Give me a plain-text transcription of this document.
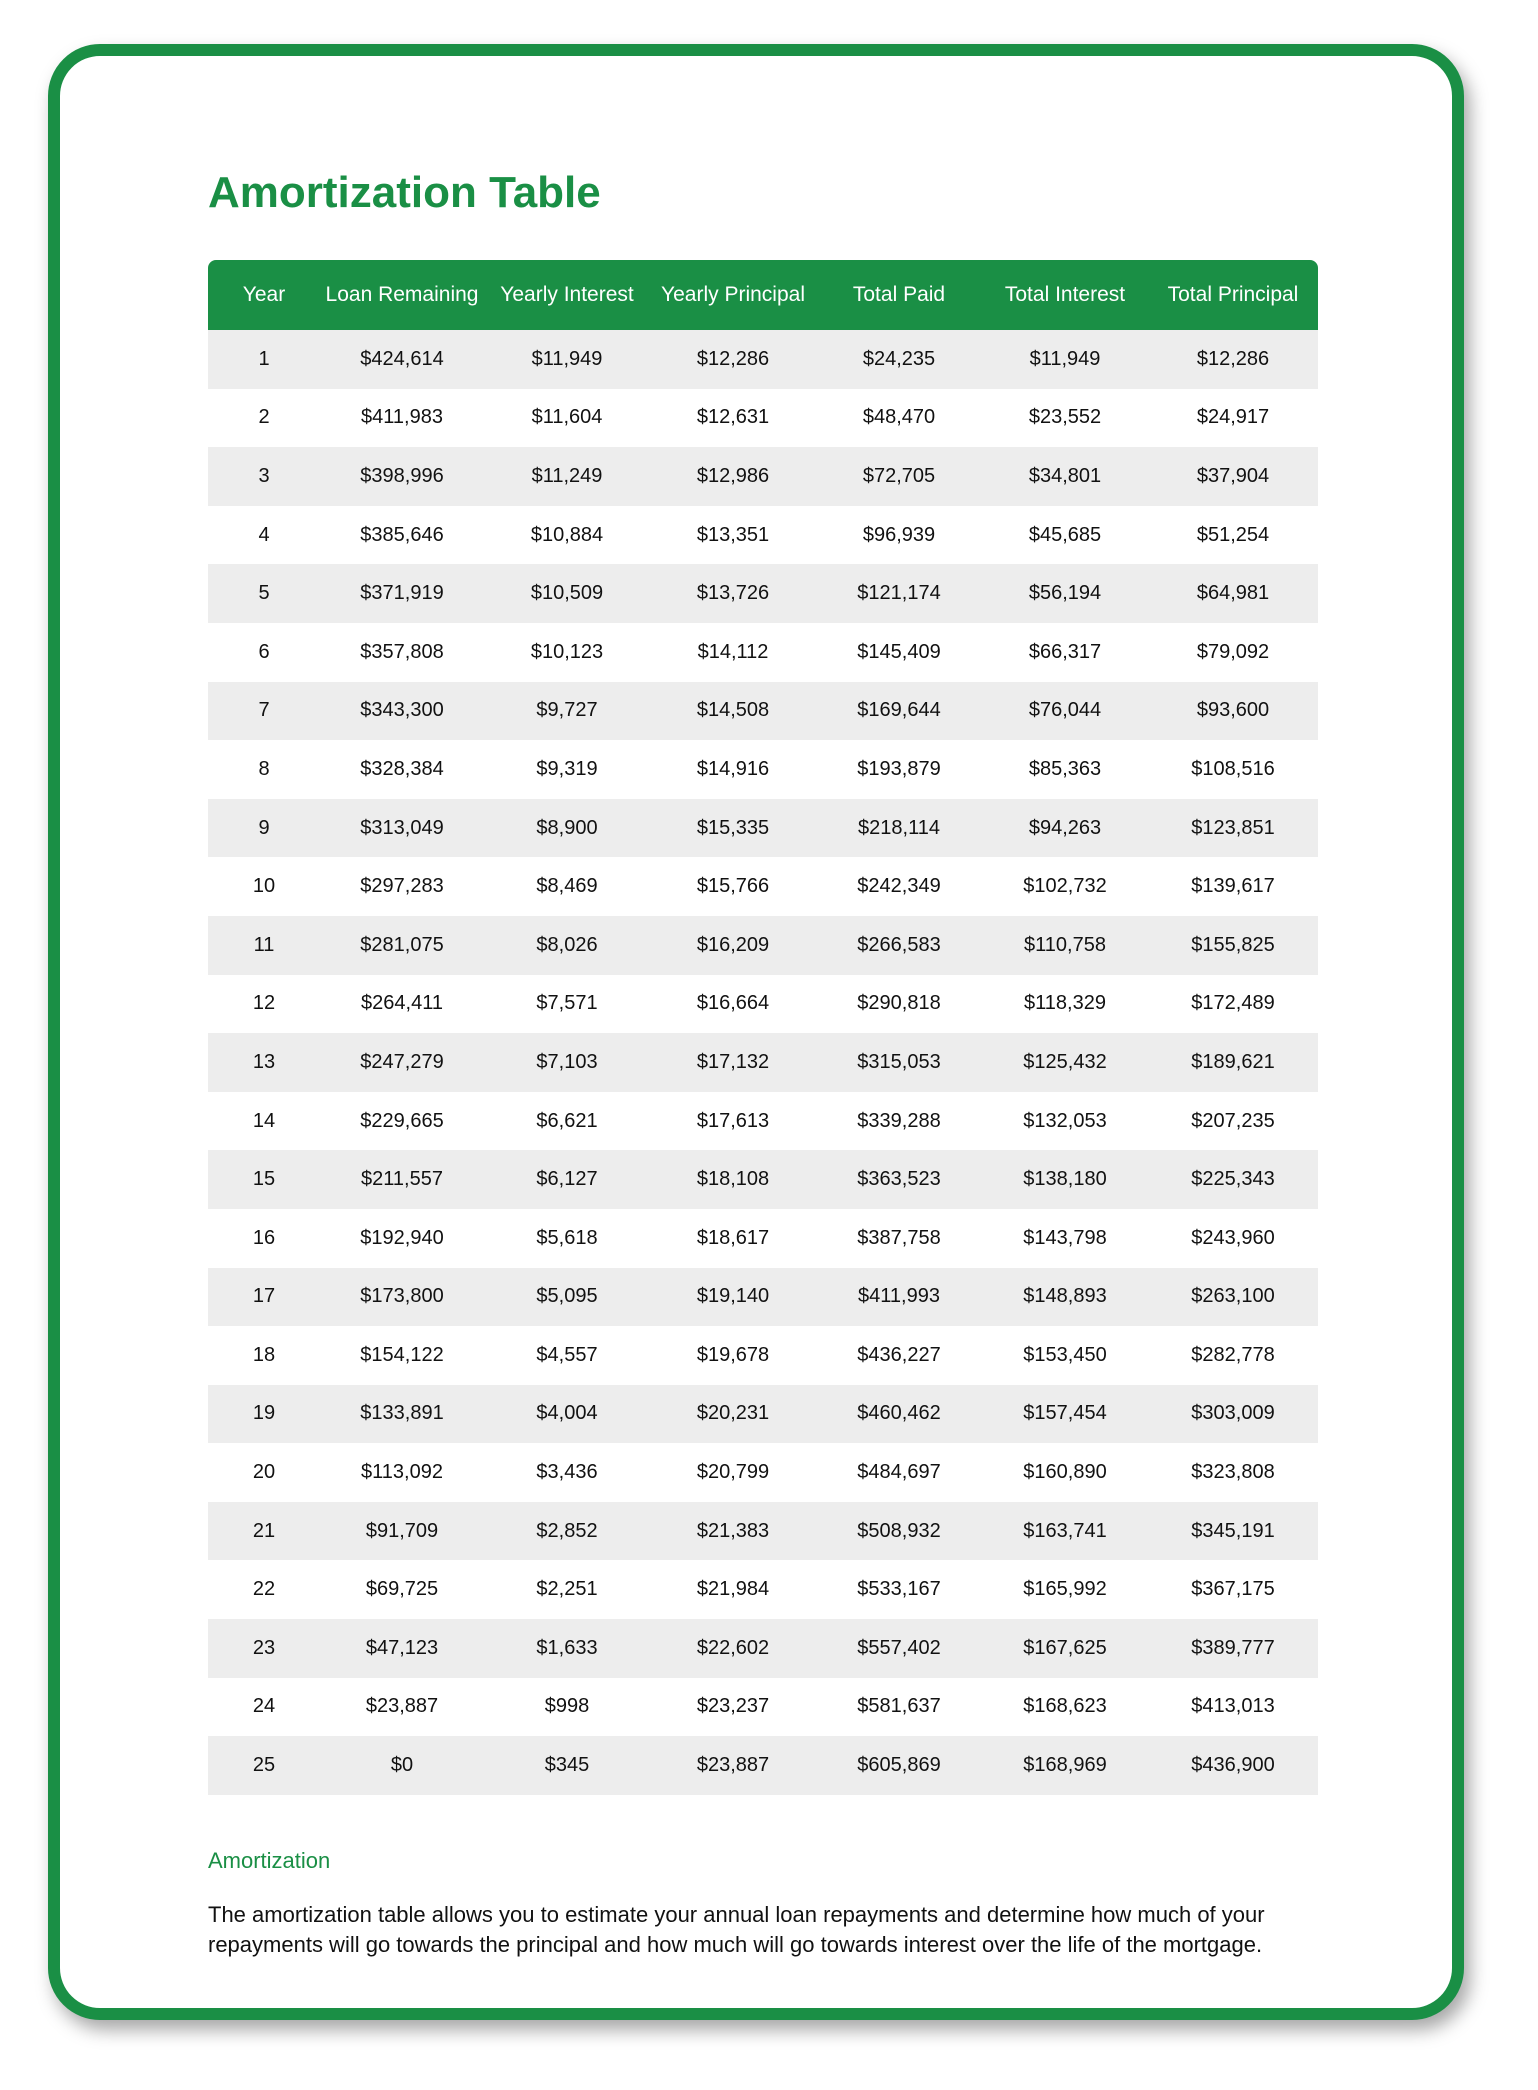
Amortization Table
Year	Loan Remaining	Yearly Interest	Yearly Principal	Total Paid	Total Interest	Total Principal
1	$424,614	$11,949	$12,286	$24,235	$11,949	$12,286
2	$411,983	$11,604	$12,631	$48,470	$23,552	$24,917
3	$398,996	$11,249	$12,986	$72,705	$34,801	$37,904
4	$385,646	$10,884	$13,351	$96,939	$45,685	$51,254
5	$371,919	$10,509	$13,726	$121,174	$56,194	$64,981
6	$357,808	$10,123	$14,112	$145,409	$66,317	$79,092
7	$343,300	$9,727	$14,508	$169,644	$76,044	$93,600
8	$328,384	$9,319	$14,916	$193,879	$85,363	$108,516
9	$313,049	$8,900	$15,335	$218,114	$94,263	$123,851
10	$297,283	$8,469	$15,766	$242,349	$102,732	$139,617
11	$281,075	$8,026	$16,209	$266,583	$110,758	$155,825
12	$264,411	$7,571	$16,664	$290,818	$118,329	$172,489
13	$247,279	$7,103	$17,132	$315,053	$125,432	$189,621
14	$229,665	$6,621	$17,613	$339,288	$132,053	$207,235
15	$211,557	$6,127	$18,108	$363,523	$138,180	$225,343
16	$192,940	$5,618	$18,617	$387,758	$143,798	$243,960
17	$173,800	$5,095	$19,140	$411,993	$148,893	$263,100
18	$154,122	$4,557	$19,678	$436,227	$153,450	$282,778
19	$133,891	$4,004	$20,231	$460,462	$157,454	$303,009
20	$113,092	$3,436	$20,799	$484,697	$160,890	$323,808
21	$91,709	$2,852	$21,383	$508,932	$163,741	$345,191
22	$69,725	$2,251	$21,984	$533,167	$165,992	$367,175
23	$47,123	$1,633	$22,602	$557,402	$167,625	$389,777
24	$23,887	$998	$23,237	$581,637	$168,623	$413,013
25	$0	$345	$23,887	$605,869	$168,969	$436,900
Amortization

The amortization table allows you to estimate your annual loan repayments and determine how much of your repayments will go towards the principal and how much will go towards interest over the life of the mortgage.
